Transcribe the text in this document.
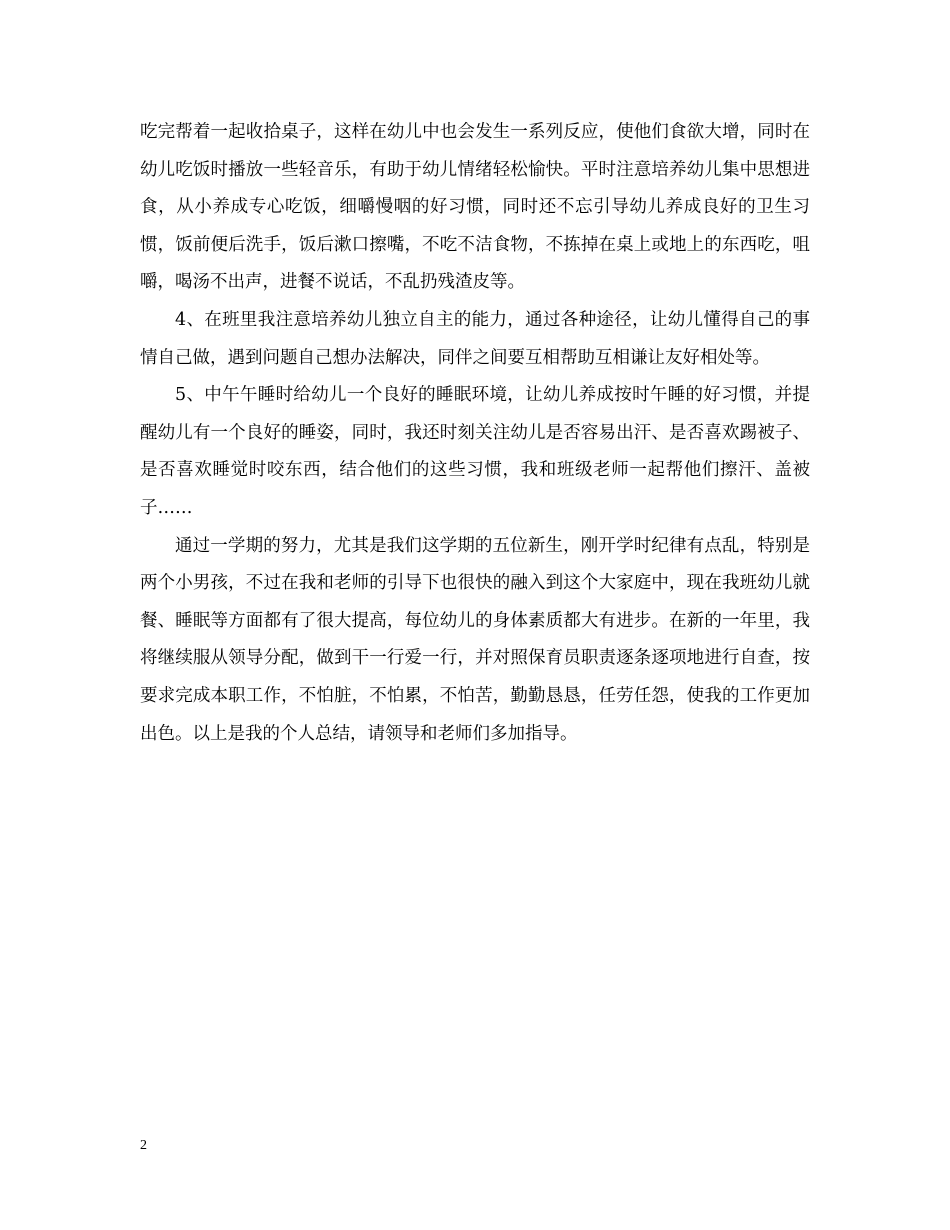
吃完帮着一起收拾桌子，这样在幼儿中也会发生一系列反应，使他们食欲大增，同时在幼儿吃饭时播放一些轻音乐，有助于幼儿情绪轻松愉快。平时注意培养幼儿集中思想进食，从小养成专心吃饭，细嚼慢咽的好习惯，同时还不忘引导幼儿养成良好的卫生习惯，饭前便后洗手，饭后漱口擦嘴，不吃不洁食物，不拣掉在桌上或地上的东西吃，咀嚼，喝汤不出声，进餐不说话，不乱扔残渣皮等。

4、在班里我注意培养幼儿独立自主的能力，通过各种途径，让幼儿懂得自己的事情自己做，遇到问题自己想办法解决，同伴之间要互相帮助互相谦让友好相处等。

5、中午午睡时给幼儿一个良好的睡眠环境，让幼儿养成按时午睡的好习惯，并提醒幼儿有一个良好的睡姿，同时，我还时刻关注幼儿是否容易出汗、是否喜欢踢被子、是否喜欢睡觉时咬东西，结合他们的这些习惯，我和班级老师一起帮他们擦汗、盖被子……

通过一学期的努力，尤其是我们这学期的五位新生，刚开学时纪律有点乱，特别是两个小男孩，不过在我和老师的引导下也很快的融入到这个大家庭中，现在我班幼儿就餐、睡眠等方面都有了很大提高，每位幼儿的身体素质都大有进步。在新的一年里，我将继续服从领导分配，做到干一行爱一行，并对照保育员职责逐条逐项地进行自查，按要求完成本职工作，不怕脏，不怕累，不怕苦，勤勤恳恳，任劳任怨，使我的工作更加出色。以上是我的个人总结，请领导和老师们多加指导。

2
